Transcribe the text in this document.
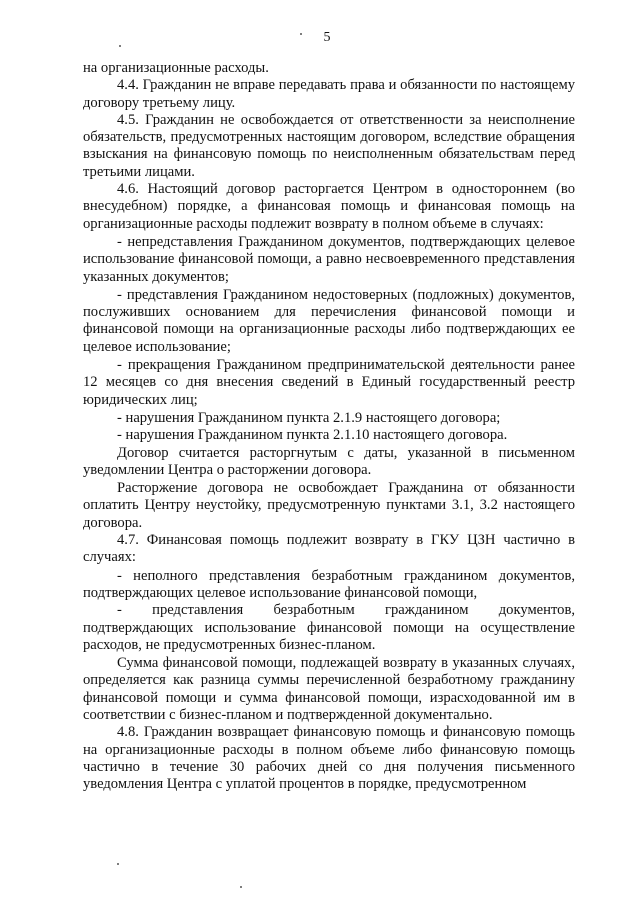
5

на организационные расходы.

4.4. Гражданин не вправе передавать права и обязанности по настоящему договору третьему лицу.

4.5. Гражданин не освобождается от ответственности за неисполнение обязательств, предусмотренных настоящим договором, вследствие обращения взыскания на финансовую помощь по неисполненным обязательствам перед третьими лицами.

4.6. Настоящий договор расторгается Центром в одностороннем (во внесудебном) порядке, а финансовая помощь и финансовая помощь на организационные расходы подлежит возврату в полном объеме в случаях:

- непредставления Гражданином документов, подтверждающих целевое использование финансовой помощи, а равно несвоевременного представления указанных документов;

- представления Гражданином недостоверных (подложных) документов, послуживших основанием для перечисления финансовой помощи и финансовой помощи на организационные расходы либо подтверждающих ее целевое использование;

- прекращения Гражданином предпринимательской деятельности ранее 12 месяцев со дня внесения сведений в Единый государственный реестр юридических лиц;

- нарушения Гражданином пункта 2.1.9 настоящего договора;

- нарушения Гражданином пункта 2.1.10 настоящего договора.

Договор считается расторгнутым с даты, указанной в письменном уведомлении Центра о расторжении договора.

Расторжение договора не освобождает Гражданина от обязанности оплатить Центру неустойку, предусмотренную пунктами 3.1, 3.2 настоящего договора.

4.7. Финансовая помощь подлежит возврату в ГКУ ЦЗН частично в случаях:

- неполного представления безработным гражданином документов, подтверждающих целевое использование финансовой помощи,

- представления безработным гражданином документов, подтверждающих использование финансовой помощи на осуществление расходов, не предусмотренных бизнес-планом.

Сумма финансовой помощи, подлежащей возврату в указанных случаях, определяется как разница суммы перечисленной безработному гражданину финансовой помощи и сумма финансовой помощи, израсходованной им в соответствии с бизнес-планом и подтвержденной документально.

4.8. Гражданин возвращает финансовую помощь и финансовую помощь на организационные расходы в полном объеме либо финансовую помощь частично в течение 30 рабочих дней со дня получения письменного уведомления Центра с уплатой процентов в порядке, предусмотренном
